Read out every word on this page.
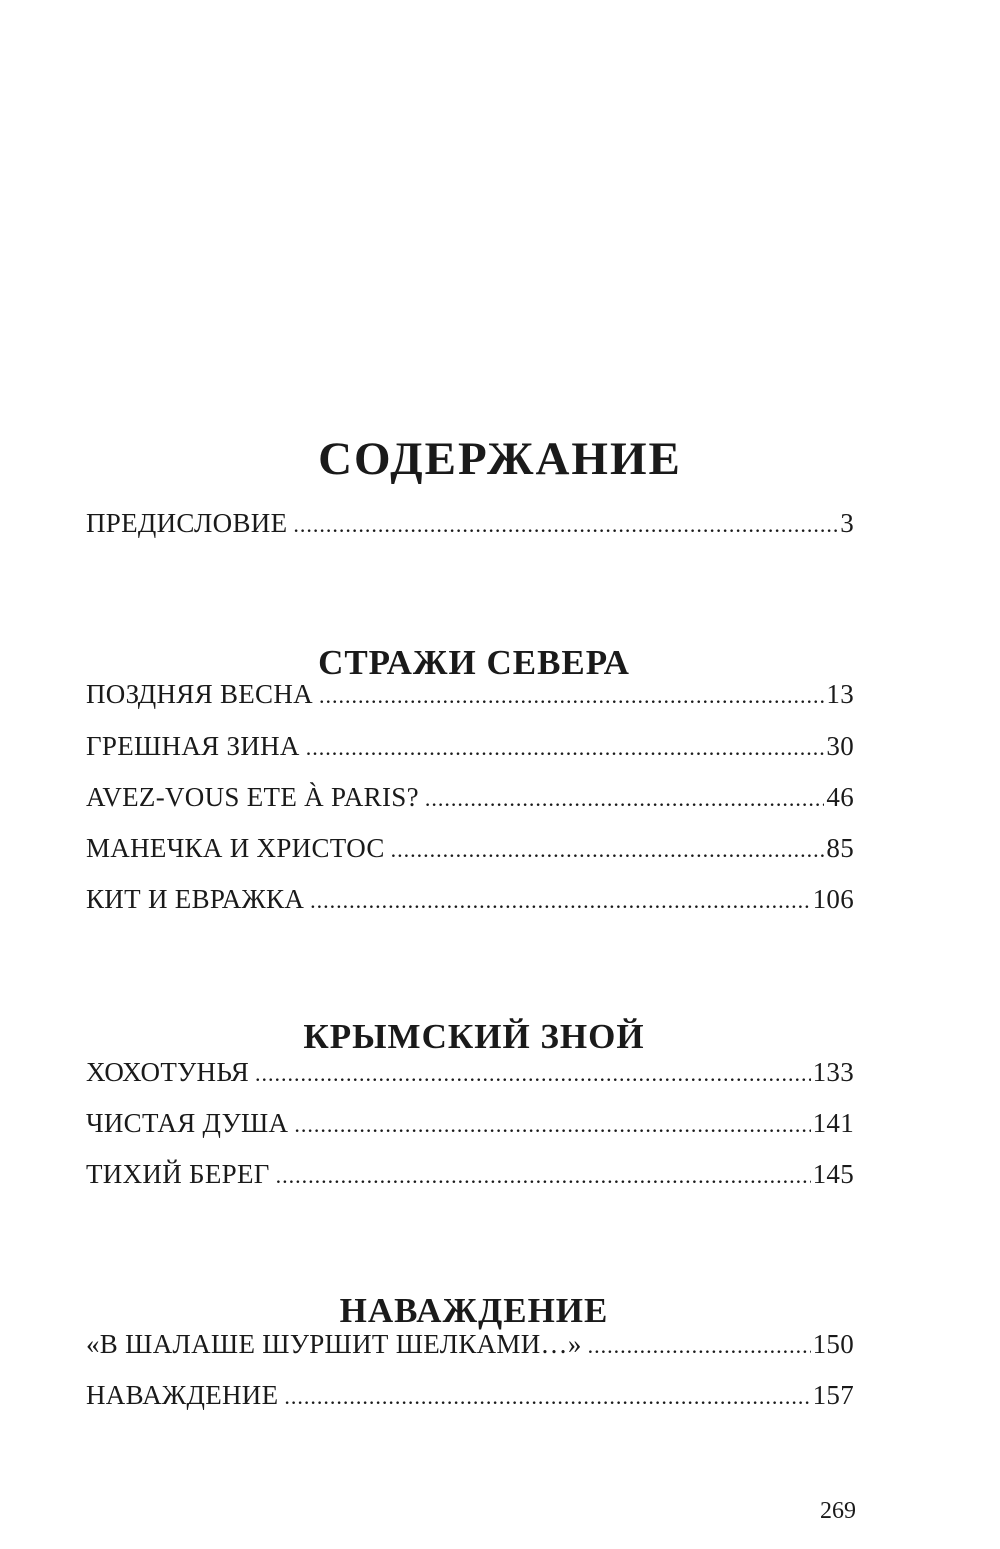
СОДЕРЖАНИЕ
ПРЕДИСЛОВИЕ .....	3
СТРАЖИ СЕВЕРА
ПОЗДНЯЯ ВЕСНА .....	13
ГРЕШНАЯ ЗИНА .....	30
AVEZ-VOUS ETE À PARIS? .....	46
МАНЕЧКА И ХРИСТОС .....	85
КИТ И ЕВРАЖКА .....	106
КРЫМСКИЙ ЗНОЙ
ХОХОТУНЬЯ .....	133
ЧИСТАЯ ДУША .....	141
ТИХИЙ БЕРЕГ .....	145
НАВАЖДЕНИЕ
«В ШАЛАШЕ ШУРШИТ ШЕЛКАМИ…» .....	150
НАВАЖДЕНИЕ .....	157
269
